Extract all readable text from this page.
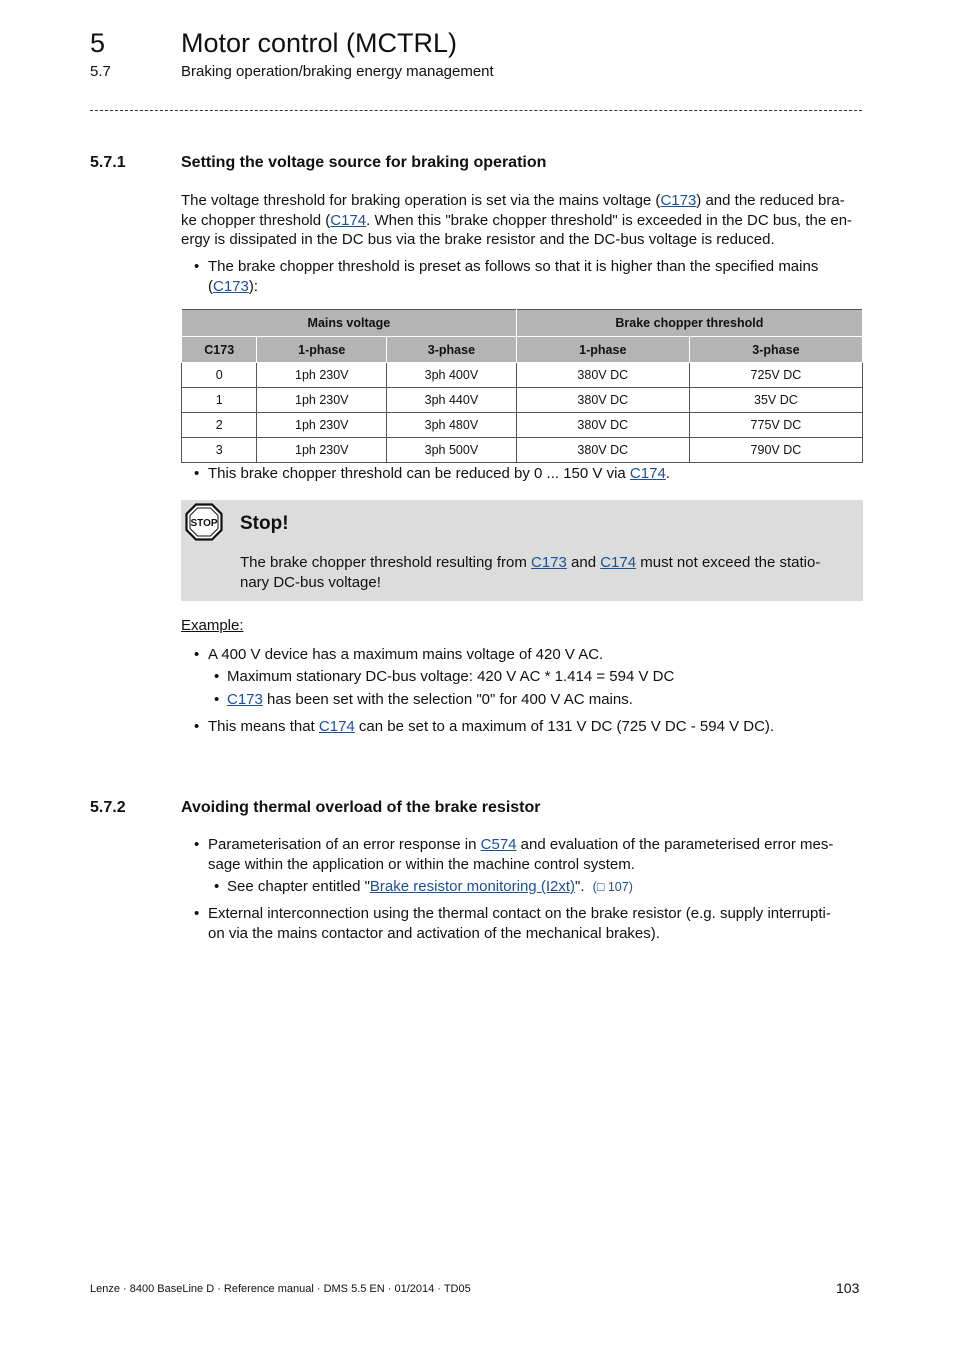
5	Motor control (MCTRL)
5.7	Braking operation/braking energy management
5.7.1	Setting the voltage source for braking operation
The voltage threshold for braking operation is set via the mains voltage (C173) and the reduced bra-
ke chopper threshold (C174. When this "brake chopper threshold" is exceeded in the DC bus, the en-
ergy is dissipated in the DC bus via the brake resistor and the DC-bus voltage is reduced.
• The brake chopper threshold is preset as follows so that it is higher than the specified mains
(C173):
Mains voltage			Brake chopper threshold	
C173	1-phase	3-phase	1-phase	3-phase
0	1ph 230V	3ph 400V	380V DC	725V DC
1	1ph 230V	3ph 440V	380V DC	35V DC
2	1ph 230V	3ph 480V	380V DC	775V DC
3	1ph 230V	3ph 500V	380V DC	790V DC
• This brake chopper threshold can be reduced by 0 ... 150 V via C174.
STOP Stop!
The brake chopper threshold resulting from C173 and C174 must not exceed the statio-
nary DC-bus voltage!
Example:
• A 400 V device has a maximum mains voltage of 420 V AC.
• Maximum stationary DC-bus voltage: 420 V AC * 1.414 = 594 V DC
• C173 has been set with the selection "0" for 400 V AC mains.
• This means that C174 can be set to a maximum of 131 V DC (725 V DC - 594 V DC).
5.7.2	Avoiding thermal overload of the brake resistor
• Parameterisation of an error response in C574 and evaluation of the parameterised error mes-
sage within the application or within the machine control system.
• See chapter entitled "Brake resistor monitoring (I2xt)". (□ 107)
• External interconnection using the thermal contact on the brake resistor (e.g. supply interrupti-
on via the mains contactor and activation of the mechanical brakes).
Lenze · 8400 BaseLine D · Reference manual · DMS 5.5 EN · 01/2014 · TD05	103
